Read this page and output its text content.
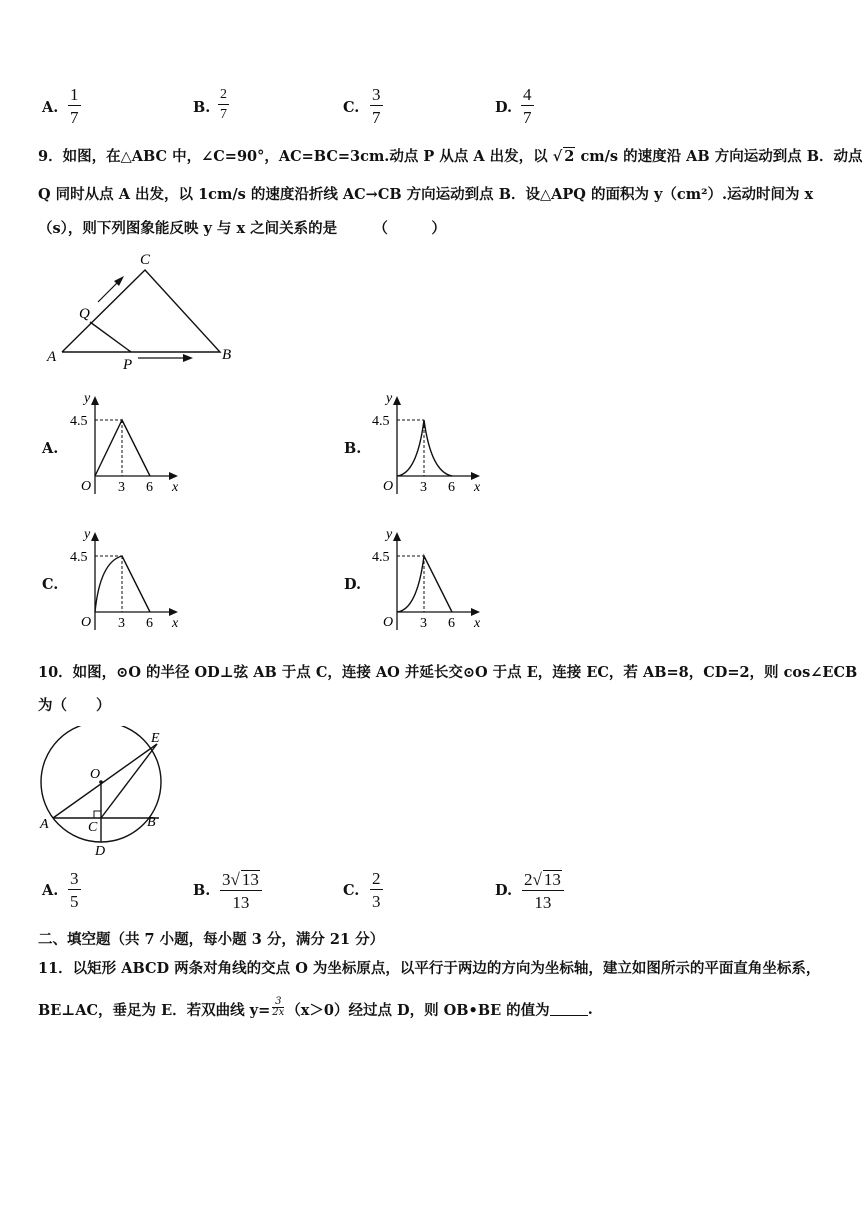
A.
1
7
B.
2
7	C.
3
7
D.
4
7
9．如图，在△ABC 中，∠C=90°，AC=BC=3cm.动点 P 从点 A 出发，以 √ 2 cm/s 的速度沿 AB 方向运动到点 B．动点
Q 同时从点 A 出发，以 1cm/s 的速度沿折线 AC→CB 方向运动到点 B．设△APQ 的面积为 y（cm²）.运动时间为 x
（s），则下列图象能反映 y 与 x 之间关系的是　　　（　　　）
A	B
C
Q
P
A.	B.
C.	D.
y
x
O
4.5
3 6
y
x
O
4.5
3 6
y
x
O
4.5
3 6
y
x
O
4.5
3 6
10．如图，⊙O 的半径 OD⊥弦 AB 于点 C，连接 AO 并延长交⊙O 于点 E，连接 EC，若 AB=8，CD=2，则 cos∠ECB
为（　　）
O
E
A	B
C
D
A.
3
5
B.
3√ 13
13
C.
2
3
D.
2√ 13
13
二、填空题（共 7 小题，每小题 3 分，满分 21 分）
11．以矩形 ABCD 两条对角线的交点 O 为坐标原点，以平行于两边的方向为坐标轴，建立如图所示的平面直角坐标系，
BE⊥AC，垂足为 E．若双曲线 y=
3
2x （x＞0）经过点 D，则 OB•BE 的值为	.
